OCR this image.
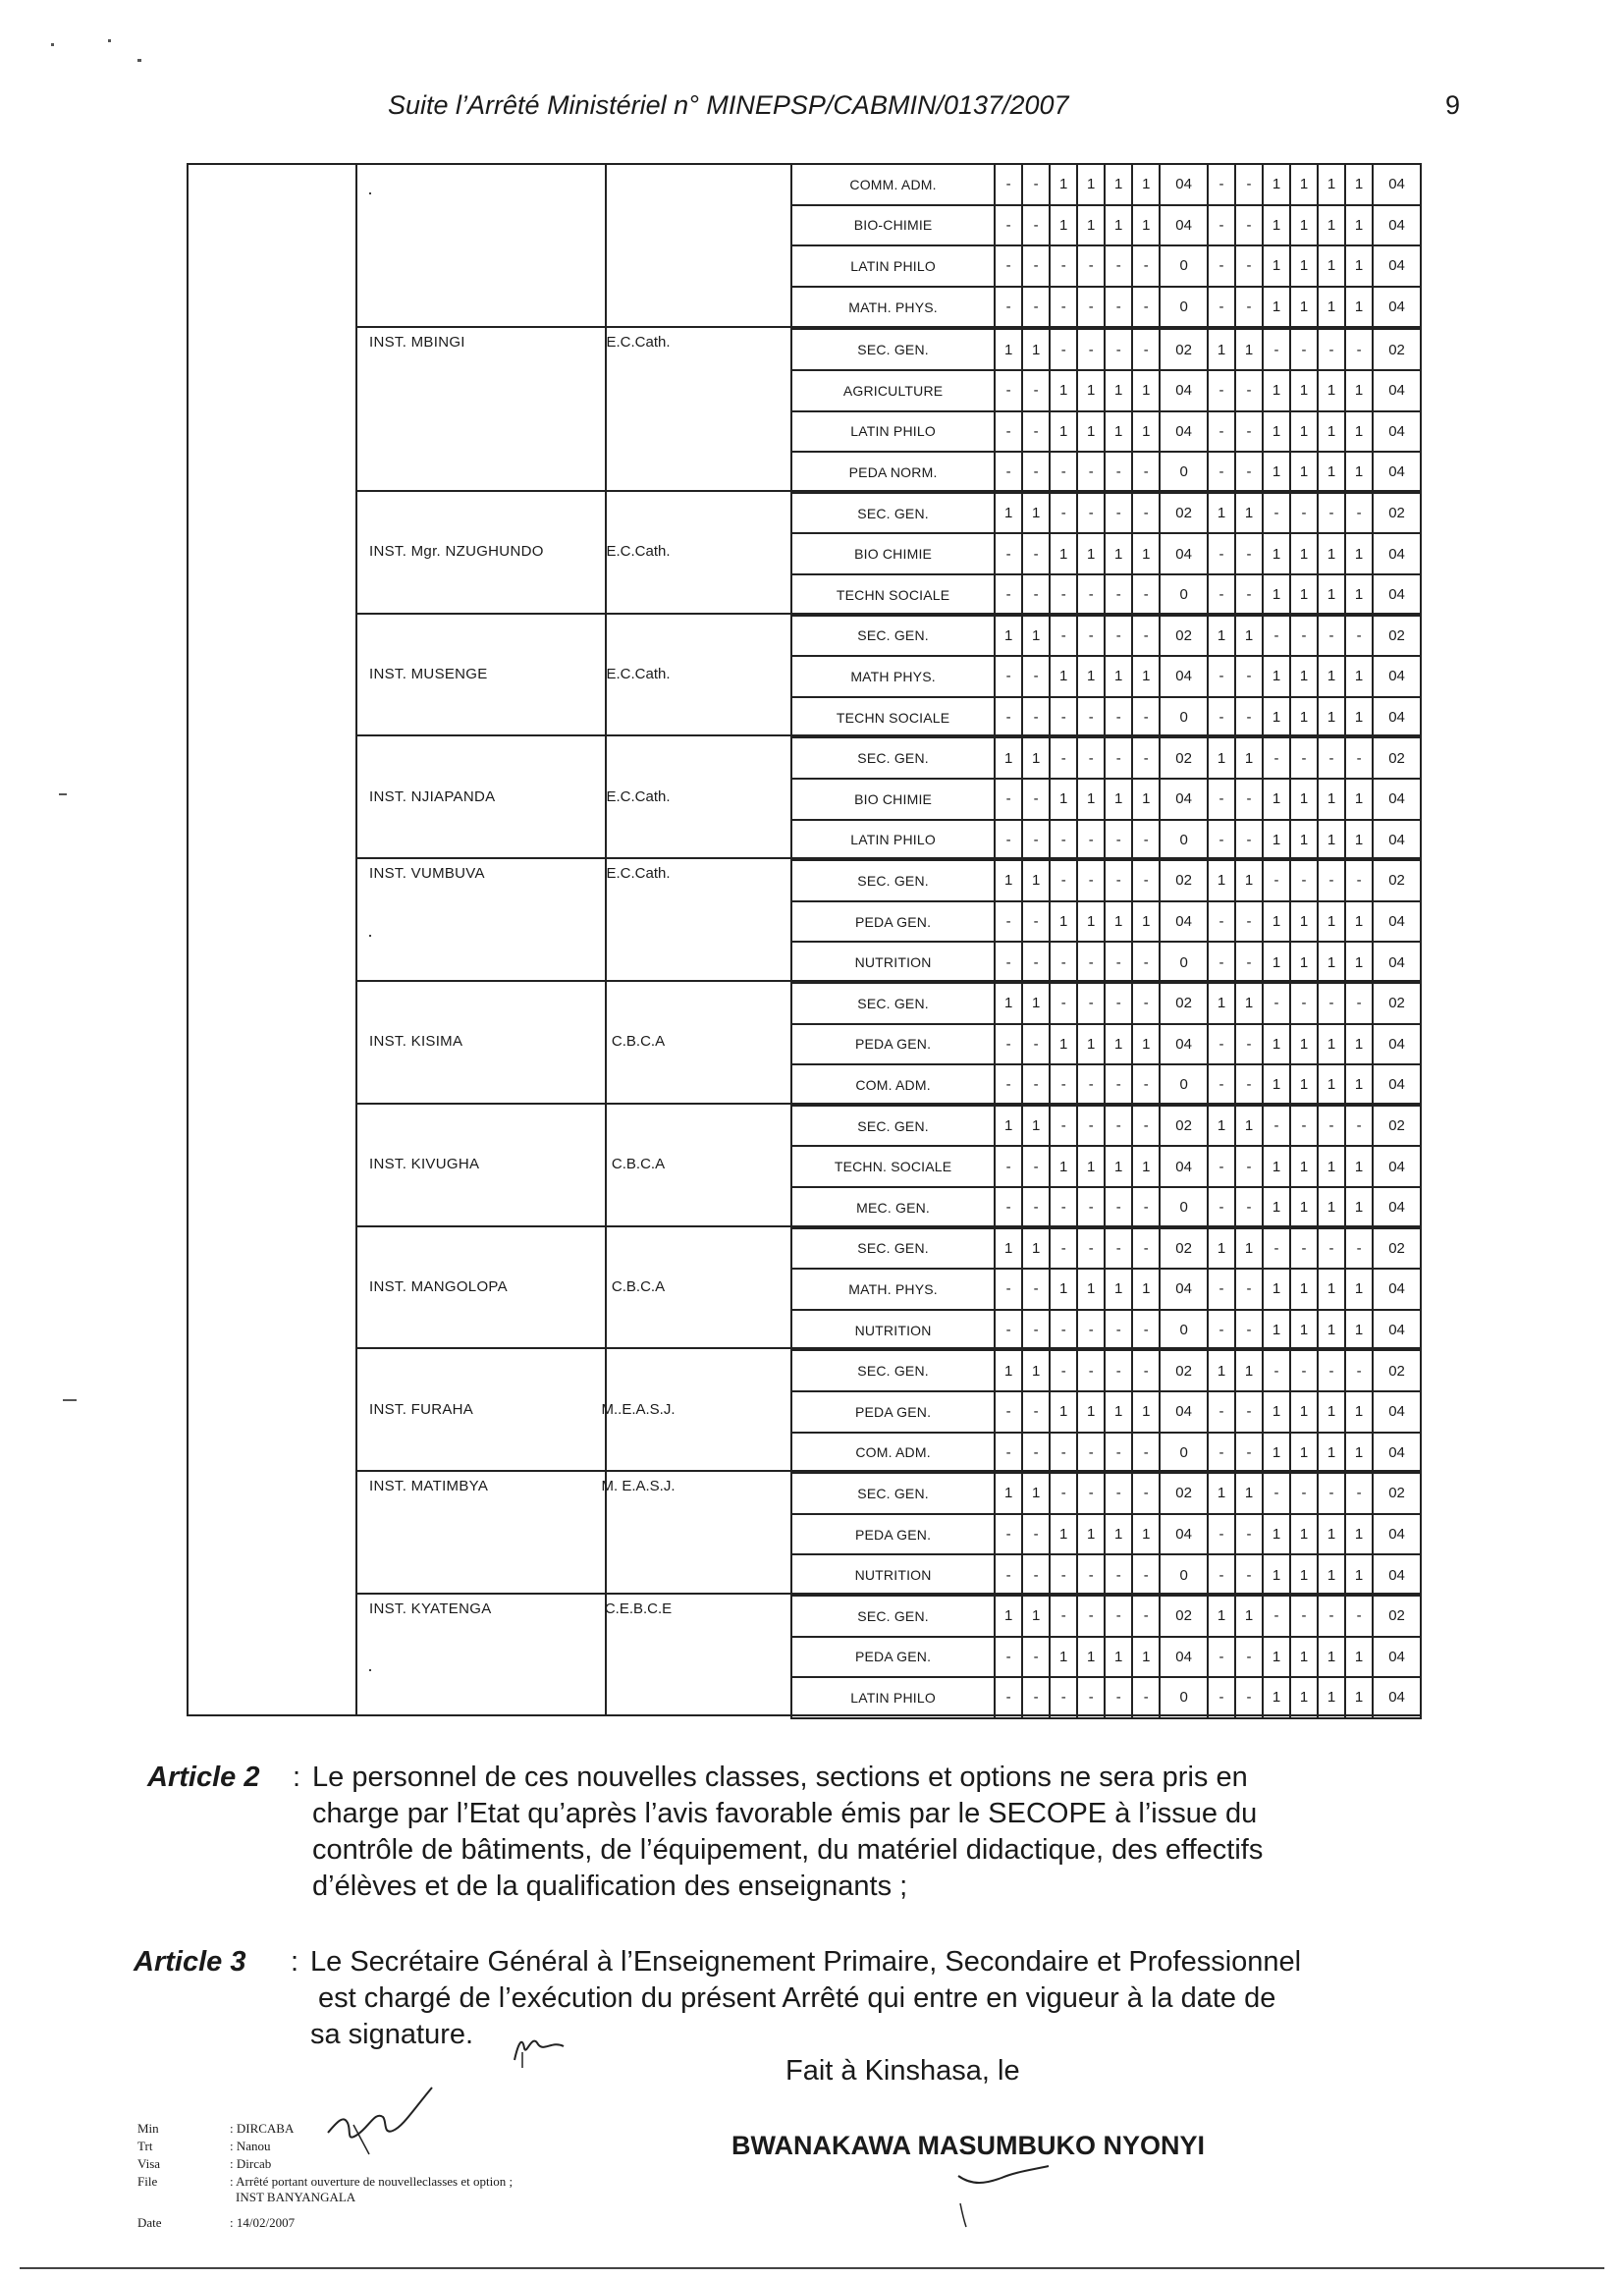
Suite l’Arrêté Ministériel n° MINEPSP/CABMIN/0137/2007	9
·	COMM. ADM.	-	-	1	1	1	1	04	-	-	1	1	1	1	04
BIO-CHIMIE	-	-	1	1	1	1	04	-	-	1	1	1	1	04
LATIN PHILO	-	-	-	-	-	-	0	-	-	1	1	1	1	04
MATH. PHYS.	-	-	-	-	-	-	0	-	-	1	1	1	1	04
INST. MBINGI	E.C.Cath.	SEC. GEN.	1	1	-	-	-	-	02	1	1	-	-	-	-	02
AGRICULTURE	-	-	1	1	1	1	04	-	-	1	1	1	1	04
LATIN PHILO	-	-	1	1	1	1	04	-	-	1	1	1	1	04
PEDA NORM.	-	-	-	-	-	-	0	-	-	1	1	1	1	04
INST. Mgr. NZUGHUNDO	E.C.Cath.
SEC. GEN.	1	1	-	-	-	-	02	1	1	-	-	-	-	02
BIO CHIMIE	-	-	1	1	1	1	04	-	-	1	1	1	1	04
TECHN SOCIALE	-	-	-	-	-	-	0	-	-	1	1	1	1	04
INST. MUSENGE	E.C.Cath.
SEC. GEN.	1	1	-	-	-	-	02	1	1	-	-	-	-	02
MATH PHYS.	-	-	1	1	1	1	04	-	-	1	1	1	1	04
TECHN SOCIALE	-	-	-	-	-	-	0	-	-	1	1	1	1	04
INST. NJIAPANDA	E.C.Cath.
SEC. GEN.	1	1	-	-	-	-	02	1	1	-	-	-	-	02
BIO CHIMIE	-	-	1	1	1	1	04	-	-	1	1	1	1	04
LATIN PHILO	-	-	-	-	-	-	0	-	-	1	1	1	1	04
INST. VUMBUVA	E.C.Cath.
·
SEC. GEN.	1	1	-	-	-	-	02	1	1	-	-	-	-	02
PEDA GEN.	-	-	1	1	1	1	04	-	-	1	1	1	1	04
NUTRITION	-	-	-	-	-	-	0	-	-	1	1	1	1	04
INST. KISIMA	C.B.C.A
SEC. GEN.	1	1	-	-	-	-	02	1	1	-	-	-	-	02
PEDA GEN.	-	-	1	1	1	1	04	-	-	1	1	1	1	04
COM. ADM.	-	-	-	-	-	-	0	-	-	1	1	1	1	04
INST. KIVUGHA	C.B.C.A
SEC. GEN.	1	1	-	-	-	-	02	1	1	-	-	-	-	02
TECHN. SOCIALE	-	-	1	1	1	1	04	-	-	1	1	1	1	04
MEC. GEN.	-	-	-	-	-	-	0	-	-	1	1	1	1	04
INST. MANGOLOPA	C.B.C.A
SEC. GEN.	1	1	-	-	-	-	02	1	1	-	-	-	-	02
MATH. PHYS.	-	-	1	1	1	1	04	-	-	1	1	1	1	04
NUTRITION	-	-	-	-	-	-	0	-	-	1	1	1	1	04
INST. FURAHA	M..E.A.S.J.
SEC. GEN.	1	1	-	-	-	-	02	1	1	-	-	-	-	02
PEDA GEN.	-	-	1	1	1	1	04	-	-	1	1	1	1	04
COM. ADM.	-	-	-	-	-	-	0	-	-	1	1	1	1	04
INST. MATIMBYA	M. E.A.S.J.	SEC. GEN.	1	1	-	-	-	-	02	1	1	-	-	-	-	02
PEDA GEN.	-	-	1	1	1	1	04	-	-	1	1	1	1	04
NUTRITION	-	-	-	-	-	-	0	-	-	1	1	1	1	04
INST. KYATENGA	C.E.B.C.E
·
SEC. GEN.	1	1	-	-	-	-	02	1	1	-	-	-	-	02
PEDA GEN.	-	-	1	1	1	1	04	-	-	1	1	1	1	04
LATIN PHILO	-	-	-	-	-	-	0	-	-	1	1	1	1	04
Article 2 : Le personnel de ces nouvelles classes, sections et options ne sera pris en
charge par l’Etat qu’après l’avis favorable émis par le SECOPE à l’issue du
contrôle de bâtiments, de l’équipement, du matériel didactique, des effectifs
d’élèves et de la qualification des enseignants ;
Article 3 : Le Secrétaire Général à l’Enseignement Primaire, Secondaire et Professionnel
est chargé de l’exécution du présent Arrêté qui entre en vigueur à la date de
sa signature.
Fait à Kinshasa, le
BWANAKAWA MASUMBUKO NYONYI
Min	: DIRCABA
Trt	: Nanou
Visa	: Dircab
File	: Arrêté portant ouverture de nouvelleclasses et option ;
INST BANYANGALA
Date	: 14/02/2007
